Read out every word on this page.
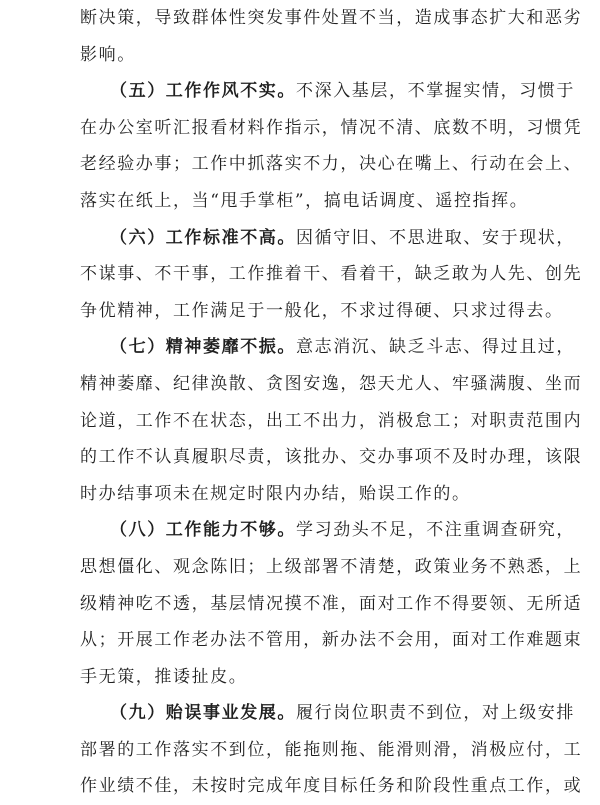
断决策，导致群体性突发事件处置不当，造成事态扩大和恶劣
影响。
（五）工作作风不实。不深入基层，不掌握实情，习惯于
在办公室听汇报看材料作指示，情况不清、底数不明，习惯凭
老经验办事；工作中抓落实不力，决心在嘴上、行动在会上、
落实在纸上，当“甩手掌柜”，搞电话调度、遥控指挥。
（六）工作标准不高。因循守旧、不思进取、安于现状，
不谋事、不干事，工作推着干、看着干，缺乏敢为人先、创先
争优精神，工作满足于一般化，不求过得硬、只求过得去。
（七）精神萎靡不振。意志消沉、缺乏斗志、得过且过，
精神萎靡、纪律涣散、贪图安逸，怨天尤人、牢骚满腹、坐而
论道，工作不在状态，出工不出力，消极怠工；对职责范围内
的工作不认真履职尽责，该批办、交办事项不及时办理，该限
时办结事项未在规定时限内办结，贻误工作的。
（八）工作能力不够。学习劲头不足，不注重调查研究，
思想僵化、观念陈旧；上级部署不清楚，政策业务不熟悉，上
级精神吃不透，基层情况摸不准，面对工作不得要领、无所适
从；开展工作老办法不管用，新办法不会用，面对工作难题束
手无策，推诿扯皮。
（九）贻误事业发展。履行岗位职责不到位，对上级安排
部署的工作落实不到位，能拖则拖、能滑则滑，消极应付，工
作业绩不佳，未按时完成年度目标任务和阶段性重点工作，或
